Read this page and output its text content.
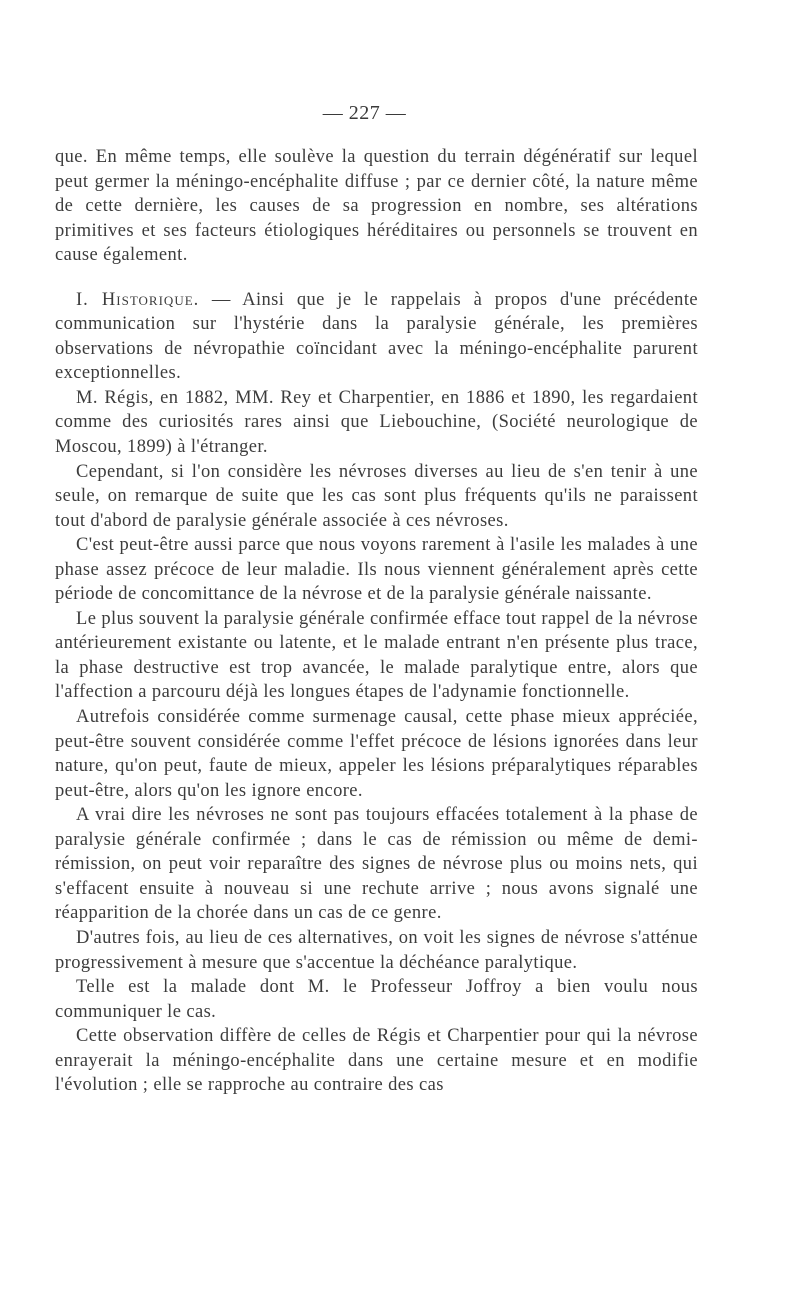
— 227 —

que. En même temps, elle soulève la question du terrain dégénératif sur lequel peut germer la méningo-encéphalite diffuse ; par ce dernier côté, la nature même de cette dernière, les causes de sa progression en nombre, ses altérations primitives et ses facteurs étiologiques héréditaires ou personnels se trouvent en cause également.

I. Historique. — Ainsi que je le rappelais à propos d'une précédente communication sur l'hystérie dans la paralysie générale, les premières observations de névropathie coïncidant avec la méningo-encéphalite parurent exceptionnelles.

M. Régis, en 1882, MM. Rey et Charpentier, en 1886 et 1890, les regardaient comme des curiosités rares ainsi que Liebouchine, (Société neurologique de Moscou, 1899) à l'étranger.

Cependant, si l'on considère les névroses diverses au lieu de s'en tenir à une seule, on remarque de suite que les cas sont plus fréquents qu'ils ne paraissent tout d'abord de paralysie générale associée à ces névroses.

C'est peut-être aussi parce que nous voyons rarement à l'asile les malades à une phase assez précoce de leur maladie. Ils nous viennent généralement après cette période de concomittance de la névrose et de la paralysie générale naissante.

Le plus souvent la paralysie générale confirmée efface tout rappel de la névrose antérieurement existante ou latente, et le malade entrant n'en présente plus trace, la phase destructive est trop avancée, le malade paralytique entre, alors que l'affection a parcouru déjà les longues étapes de l'adynamie fonctionnelle.

Autrefois considérée comme surmenage causal, cette phase mieux appréciée, peut-être souvent considérée comme l'effet précoce de lésions ignorées dans leur nature, qu'on peut, faute de mieux, appeler les lésions préparalytiques réparables peut-être, alors qu'on les ignore encore.

A vrai dire les névroses ne sont pas toujours effacées totalement à la phase de paralysie générale confirmée ; dans le cas de rémission ou même de demi-rémission, on peut voir reparaître des signes de névrose plus ou moins nets, qui s'effacent ensuite à nouveau si une rechute arrive ; nous avons signalé une réapparition de la chorée dans un cas de ce genre.

D'autres fois, au lieu de ces alternatives, on voit les signes de névrose s'atténue progressivement à mesure que s'accentue la déchéance paralytique.

Telle est la malade dont M. le Professeur Joffroy a bien voulu nous communiquer le cas.

Cette observation diffère de celles de Régis et Charpentier pour qui la névrose enrayerait la méningo-encéphalite dans une certaine mesure et en modifie l'évolution ; elle se rapproche au contraire des cas
